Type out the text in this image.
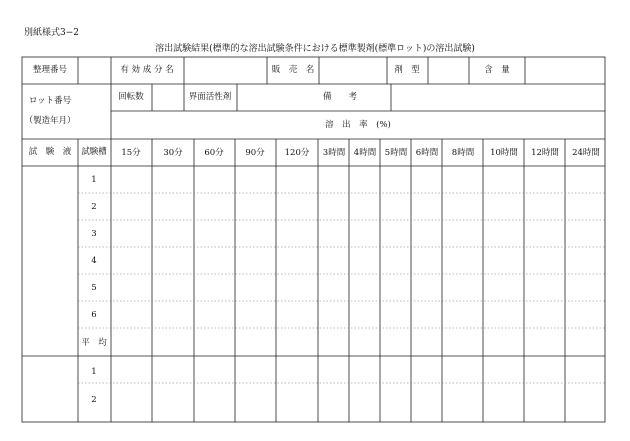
別紙様式3−2
溶出試験結果(標準的な溶出試験条件における標準製剤(標準ロット)の溶出試験)
整理番号	有 効 成 分 名	販　売　名	剤　型	含　量
ロット番号
（製造年月）
回転数	界面活性剤	備　　考
溶　出　率　(%)
試　験　液 試験槽 15分	30分	60分	90分 120分 3時間 4時間 5時間 6時間 8時間 10時間 12時間 24時間
1
2
3
4
5
6
平　均
1
2
